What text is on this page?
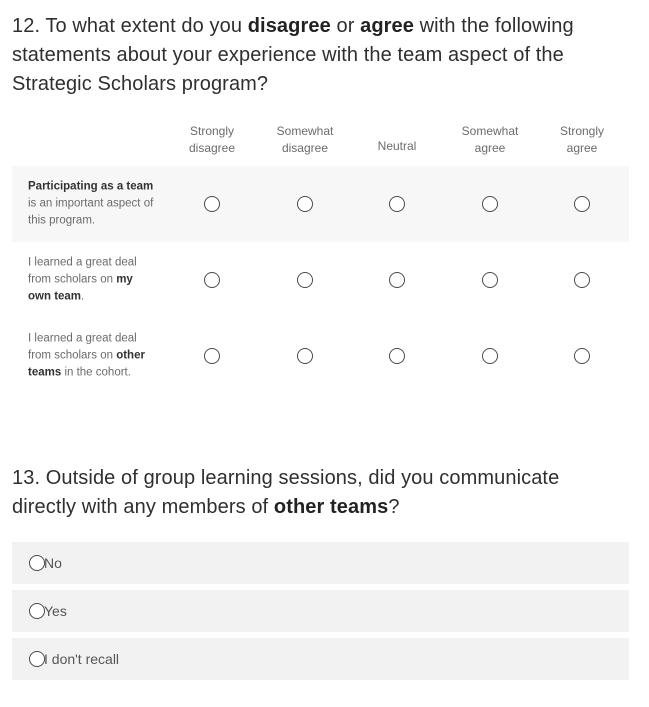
12. To what extent do you disagree or agree with the following statements about your experience with the team aspect of the Strategic Scholars program?
Strongly
disagree
Somewhat
disagree	Neutral
Somewhat
agree
Strongly
agree
Participating as a team is an important aspect of this program.
I learned a great deal from scholars on my own team.
I learned a great deal from scholars on other teams in the cohort.
13. Outside of group learning sessions, did you communicate directly with any members of other teams?
No
Yes
I don't recall
